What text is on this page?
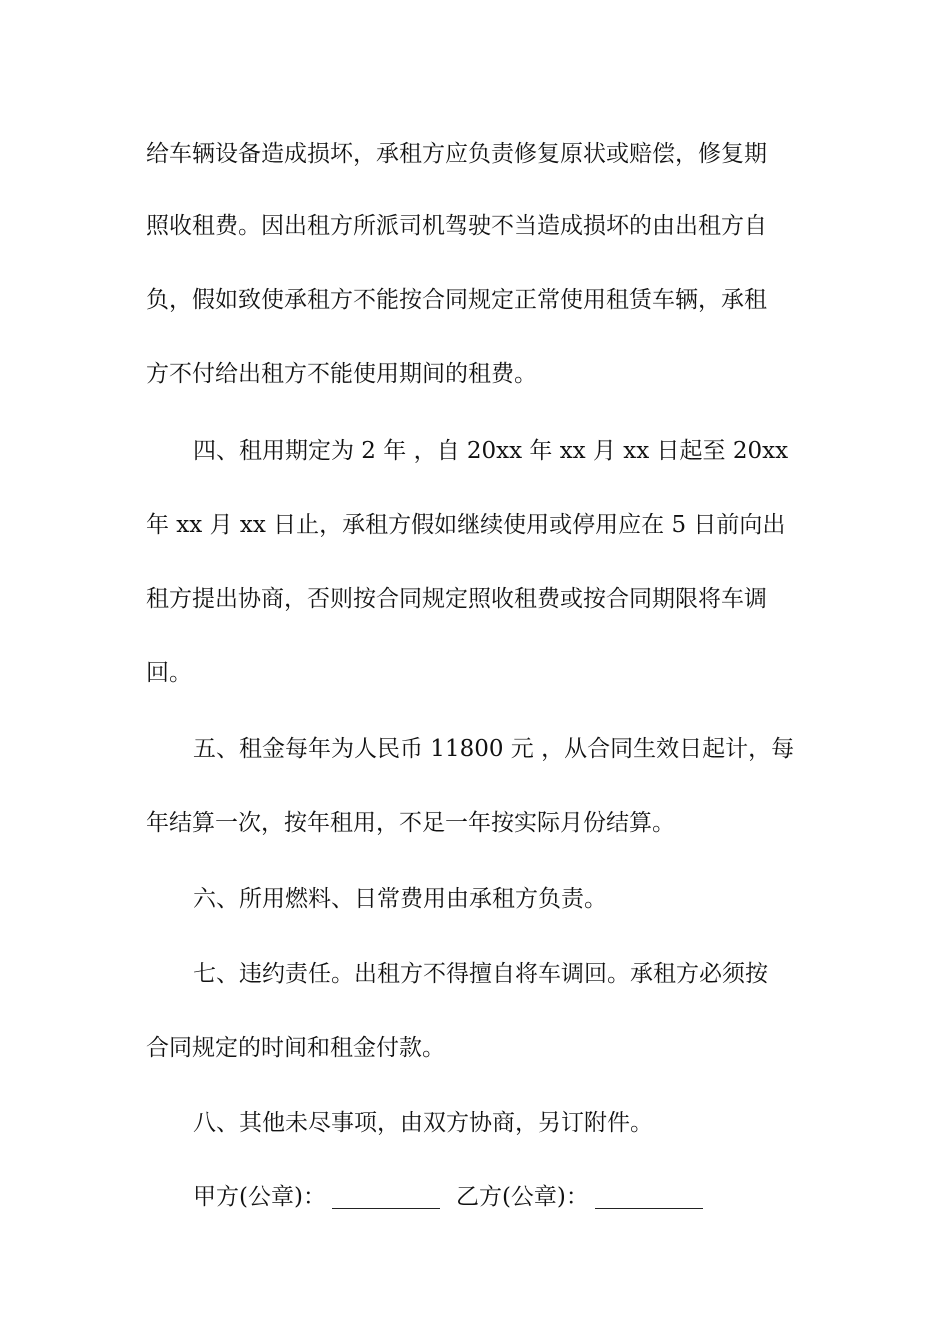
给车辆设备造成损坏，承租方应负责修复原状或赔偿，修复期
照收租费。因出租方所派司机驾驶不当造成损坏的由出租方自
负，假如致使承租方不能按合同规定正常使用租赁车辆，承租
方不付给出租方不能使用期间的租费。
四、租用期定为 2 年 ，自 20xx 年 xx 月 xx 日起至 20xx
年 xx 月 xx 日止，承租方假如继续使用或停用应在 5 日前向出
租方提出协商，否则按合同规定照收租费或按合同期限将车调
回。
五、租金每年为人民币 11800 元 ，从合同生效日起计，每
年结算一次，按年租用，不足一年按实际月份结算。
六、所用燃料、日常费用由承租方负责。
七、违约责任。出租方不得擅自将车调回。承租方必须按
合同规定的时间和租金付款。
八、其他未尽事项，由双方协商，另订附件。
甲方(公章)：	乙方(公章)：
